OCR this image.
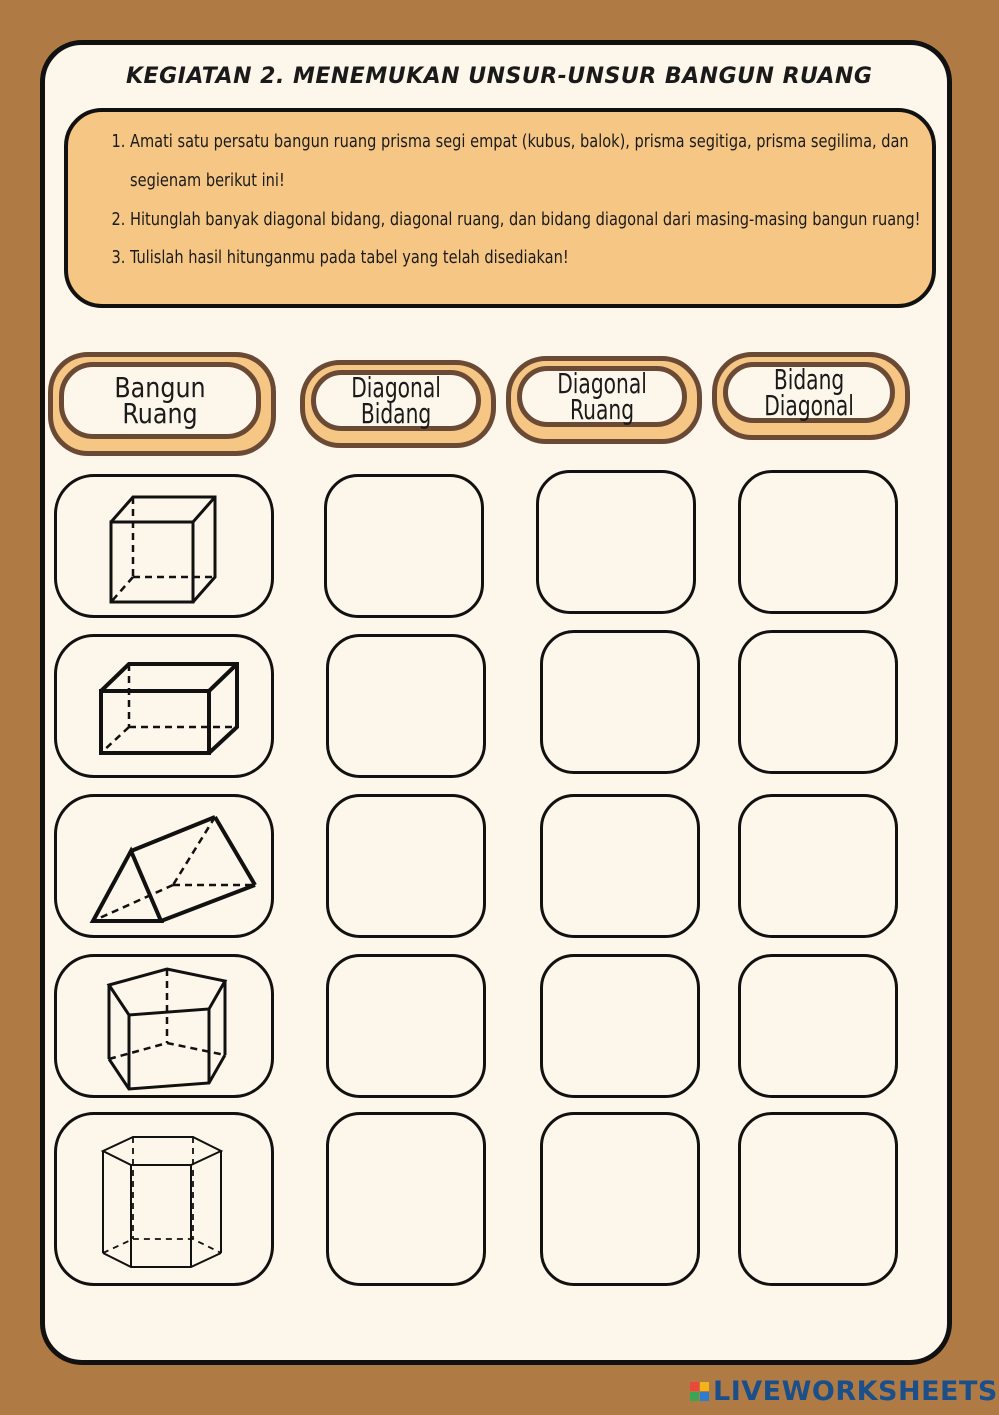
KEGIATAN 2. MENEMUKAN UNSUR-UNSUR BANGUN RUANG
1. Amati satu persatu bangun ruang prisma segi empat (kubus, balok), prisma segitiga, prisma segilima, dan segienam berikut ini!
2. Hitunglah banyak diagonal bidang, diagonal ruang, dan bidang diagonal dari masing-masing bangun ruang!
3. Tulislah hasil hitunganmu pada tabel yang telah disediakan!
Bangun Ruang
Diagonal
Bidang
Diagonal
Ruang
Bidang
Diagonal
LIVEWORKSHEETS
